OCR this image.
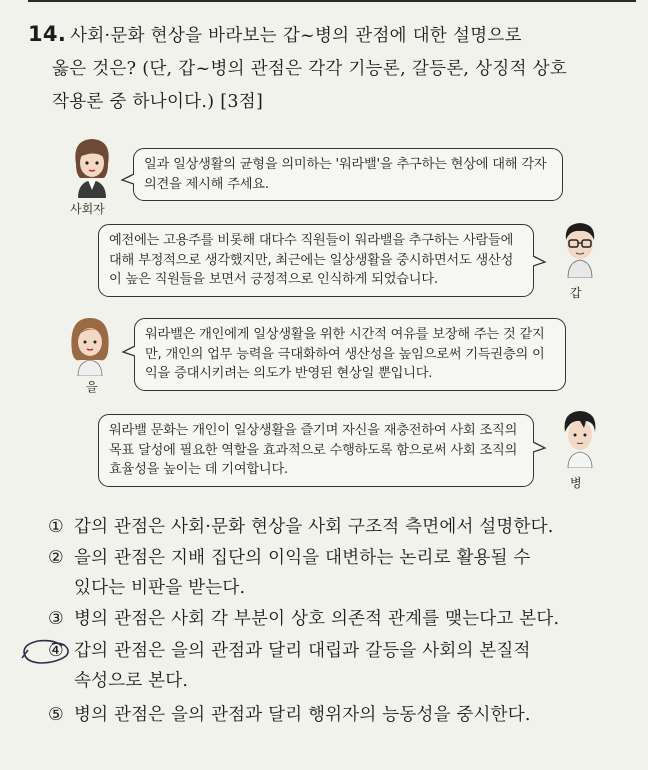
14. 사회·문화 현상을 바라보는 갑~병의 관점에 대한 설명으로
옳은 것은? (단, 갑~병의 관점은 각각 기능론, 갈등론, 상징적 상호
작용론 중 하나이다.) [3점]
사회자
일과 일상생활의 균형을 의미하는 '워라밸'을 추구하는 현상에 대해 각자 의견을 제시해 주세요.
예전에는 고용주를 비롯해 대다수 직원들이 워라밸을 추구하는 사람들에 대해 부정적으로 생각했지만, 최근에는 일상생활을 중시하면서도 생산성이 높은 직원들을 보면서 긍정적으로 인식하게 되었습니다.
갑
을
워라밸은 개인에게 일상생활을 위한 시간적 여유를 보장해 주는 것 같지만, 개인의 업무 능력을 극대화하여 생산성을 높임으로써 기득권층의 이익을 증대시키려는 의도가 반영된 현상일 뿐입니다.
워라밸 문화는 개인이 일상생활을 즐기며 자신을 재충전하여 사회 조직의 목표 달성에 필요한 역할을 효과적으로 수행하도록 함으로써 사회 조직의 효율성을 높이는 데 기여합니다.
병
① 갑의 관점은 사회·문화 현상을 사회 구조적 측면에서 설명한다.
② 을의 관점은 지배 집단의 이익을 대변하는 논리로 활용될 수
있다는 비판을 받는다.
③ 병의 관점은 사회 각 부분이 상호 의존적 관계를 맺는다고 본다.
④ 갑의 관점은 을의 관점과 달리 대립과 갈등을 사회의 본질적
속성으로 본다.
⑤ 병의 관점은 을의 관점과 달리 행위자의 능동성을 중시한다.
